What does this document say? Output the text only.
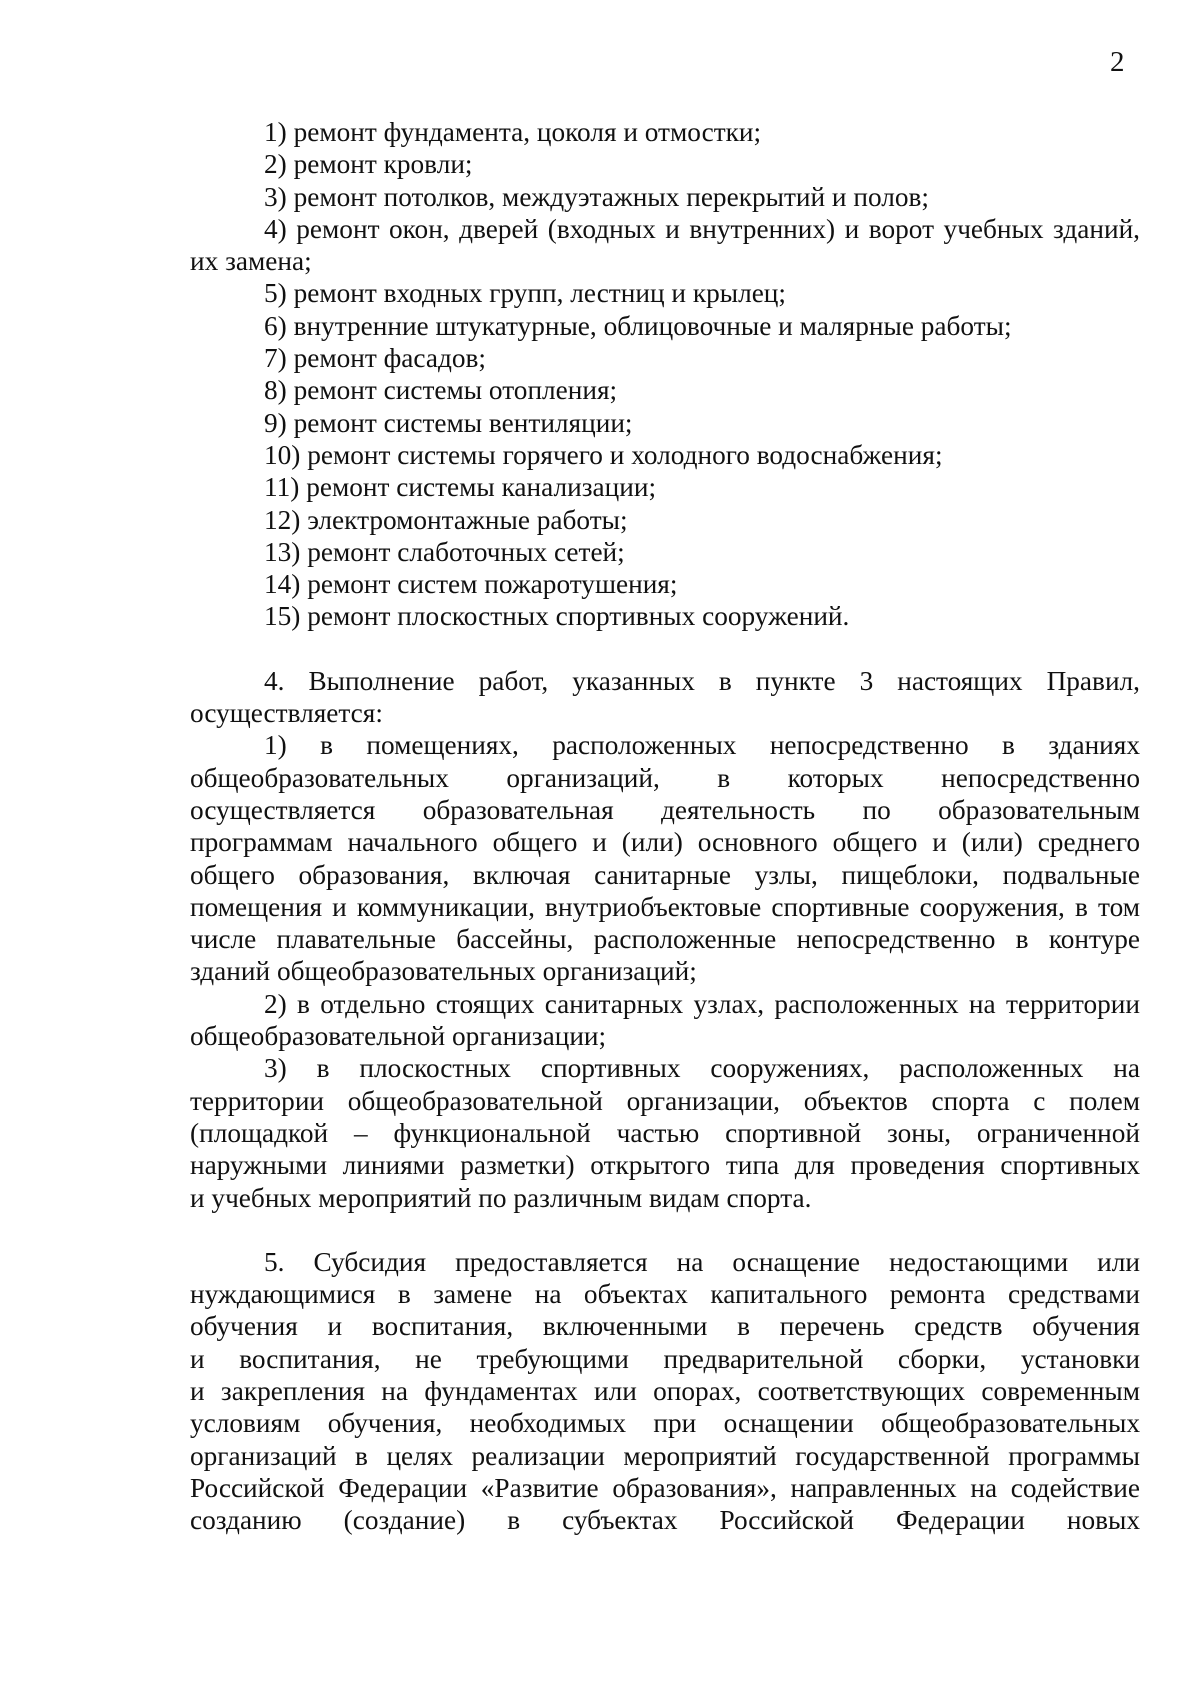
2
1) ремонт фундамента, цоколя и отмостки;
2) ремонт кровли;
3) ремонт потолков, междуэтажных перекрытий и полов;
4) ремонт окон, дверей (входных и внутренних) и ворот учебных зданий,
их замена;
5) ремонт входных групп, лестниц и крылец;
6) внутренние штукатурные, облицовочные и малярные работы;
7) ремонт фасадов;
8) ремонт системы отопления;
9) ремонт системы вентиляции;
10) ремонт системы горячего и холодного водоснабжения;
11) ремонт системы канализации;
12) электромонтажные работы;
13) ремонт слаботочных сетей;
14) ремонт систем пожаротушения;
15) ремонт плоскостных спортивных сооружений.
4. Выполнение работ, указанных в пункте 3 настоящих Правил,
осуществляется:
1) в помещениях, расположенных непосредственно в зданиях
общеобразовательных организаций, в которых непосредственно
осуществляется образовательная деятельность по образовательным
программам начального общего и (или) основного общего и (или) среднего
общего образования, включая санитарные узлы, пищеблоки, подвальные
помещения и коммуникации, внутриобъектовые спортивные сооружения, в том
числе плавательные бассейны, расположенные непосредственно в контуре
зданий общеобразовательных организаций;
2) в отдельно стоящих санитарных узлах, расположенных на территории
общеобразовательной организации;
3) в плоскостных спортивных сооружениях, расположенных на
территории общеобразовательной организации, объектов спорта с полем
(площадкой – функциональной частью спортивной зоны, ограниченной
наружными линиями разметки) открытого типа для проведения спортивных
и учебных мероприятий по различным видам спорта.
5. Субсидия предоставляется на оснащение недостающими или
нуждающимися в замене на объектах капитального ремонта средствами
обучения и воспитания, включенными в перечень средств обучения
и воспитания, не требующими предварительной сборки, установки
и закрепления на фундаментах или опорах, соответствующих современным
условиям обучения, необходимых при оснащении общеобразовательных
организаций в целях реализации мероприятий государственной программы
Российской Федерации «Развитие образования», направленных на содействие
созданию (создание) в субъектах Российской Федерации новых
